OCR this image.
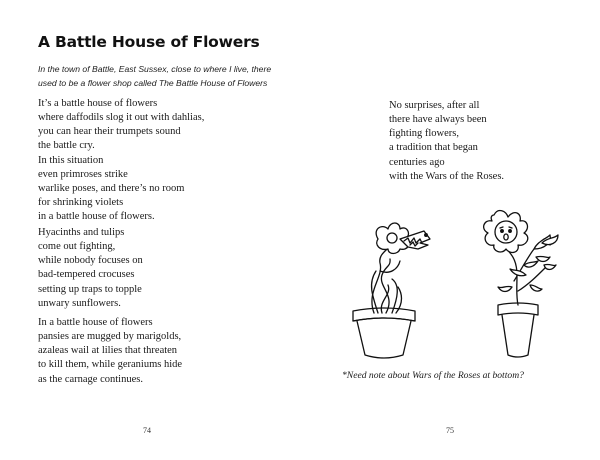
A Battle House of Flowers
In the town of Battle, East Sussex, close to where I live, there
used to be a flower shop called The Battle House of Flowers
It’s a battle house of flowers
where daffodils slog it out with dahlias,
you can hear their trumpets sound
the battle cry.
In this situation
even primroses strike
warlike poses, and there’s no room
for shrinking violets
in a battle house of flowers.
Hyacinths and tulips
come out fighting,
while nobody focuses on
bad-tempered crocuses
setting up traps to topple
unwary sunflowers.
In a battle house of flowers
pansies are mugged by marigolds,
azaleas wail at lilies that threaten
to kill them, while geraniums hide
as the carnage continues.
74
No surprises, after all
there have always been
fighting flowers,
a tradition that began
centuries ago
with the Wars of the Roses.
*Need note about Wars of the Roses at bottom?
75
